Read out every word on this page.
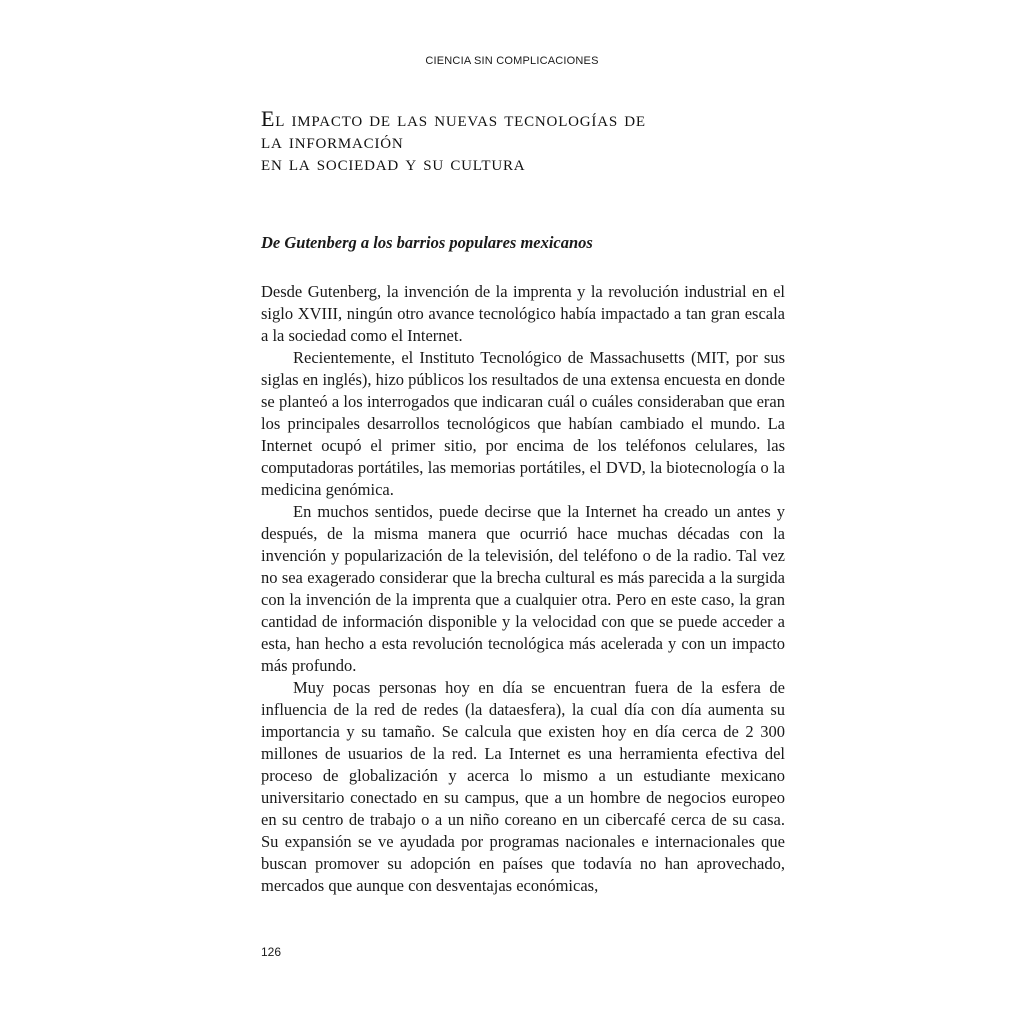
CIENCIA SIN COMPLICACIONES
El impacto de las nuevas tecnologías de
la información
en la sociedad y su cultura
De Gutenberg a los barrios populares mexicanos

Desde Gutenberg, la invención de la imprenta y la revolución industrial en el siglo XVIII, ningún otro avance tecnológico había impactado a tan gran escala a la sociedad como el Internet.

Recientemente, el Instituto Tecnológico de Massachusetts (MIT, por sus siglas en inglés), hizo públicos los resultados de una extensa encuesta en donde se planteó a los interrogados que indicaran cuál o cuáles consideraban que eran los principales desarrollos tecnológicos que habían cambiado el mundo. La Internet ocupó el primer sitio, por encima de los teléfonos celulares, las computadoras portátiles, las memorias portátiles, el DVD, la biotecnología o la medicina genómica.

En muchos sentidos, puede decirse que la Internet ha creado un antes y después, de la misma manera que ocurrió hace muchas décadas con la invención y popularización de la televisión, del teléfono o de la radio. Tal vez no sea exagerado considerar que la brecha cultural es más parecida a la surgida con la invención de la imprenta que a cualquier otra. Pero en este caso, la gran cantidad de información disponible y la velocidad con que se puede acceder a esta, han hecho a esta revolución tecnológica más acelerada y con un impacto más profundo.

Muy pocas personas hoy en día se encuentran fuera de la esfera de influencia de la red de redes (la dataesfera), la cual día con día aumenta su importancia y su tamaño. Se calcula que existen hoy en día cerca de 2 300 millones de usuarios de la red. La Internet es una herramienta efectiva del proceso de globalización y acerca lo mismo a un estudiante mexicano universitario conectado en su campus, que a un hombre de negocios europeo en su centro de trabajo o a un niño coreano en un cibercafé cerca de su casa. Su expansión se ve ayudada por programas nacionales e internacionales que buscan promover su adopción en países que todavía no han aprovechado, mercados que aunque con desventajas económicas,

126
